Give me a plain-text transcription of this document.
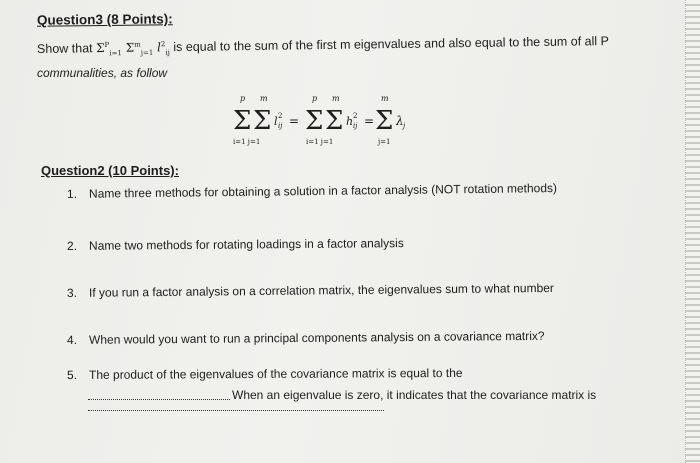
Question3 (8 Points):
Show that $\Sigma^P_{i=1}$ $\Sigma^m_{j=1}$ $l^2_{ij}$ is equal to the sum of the first m eigenvalues and also equal to the sum of all P
communalities, as follow
p m
Σ Σ
i=1 j=1
l 2
ij =
p m
Σ Σ
i=1 j=1
h 2
ij =
m
Σ
j=1
λ j
Question2 (10 Points):
1. Name three methods for obtaining a solution in a factor analysis (NOT rotation methods)
2. Name two methods for rotating loadings in a factor analysis
3. If you run a factor analysis on a correlation matrix, the eigenvalues sum to what number
4. When would you want to run a principal components analysis on a covariance matrix?
5. The product of the eigenvalues of the covariance matrix is equal to the
When an eigenvalue is zero, it indicates that the covariance matrix is
